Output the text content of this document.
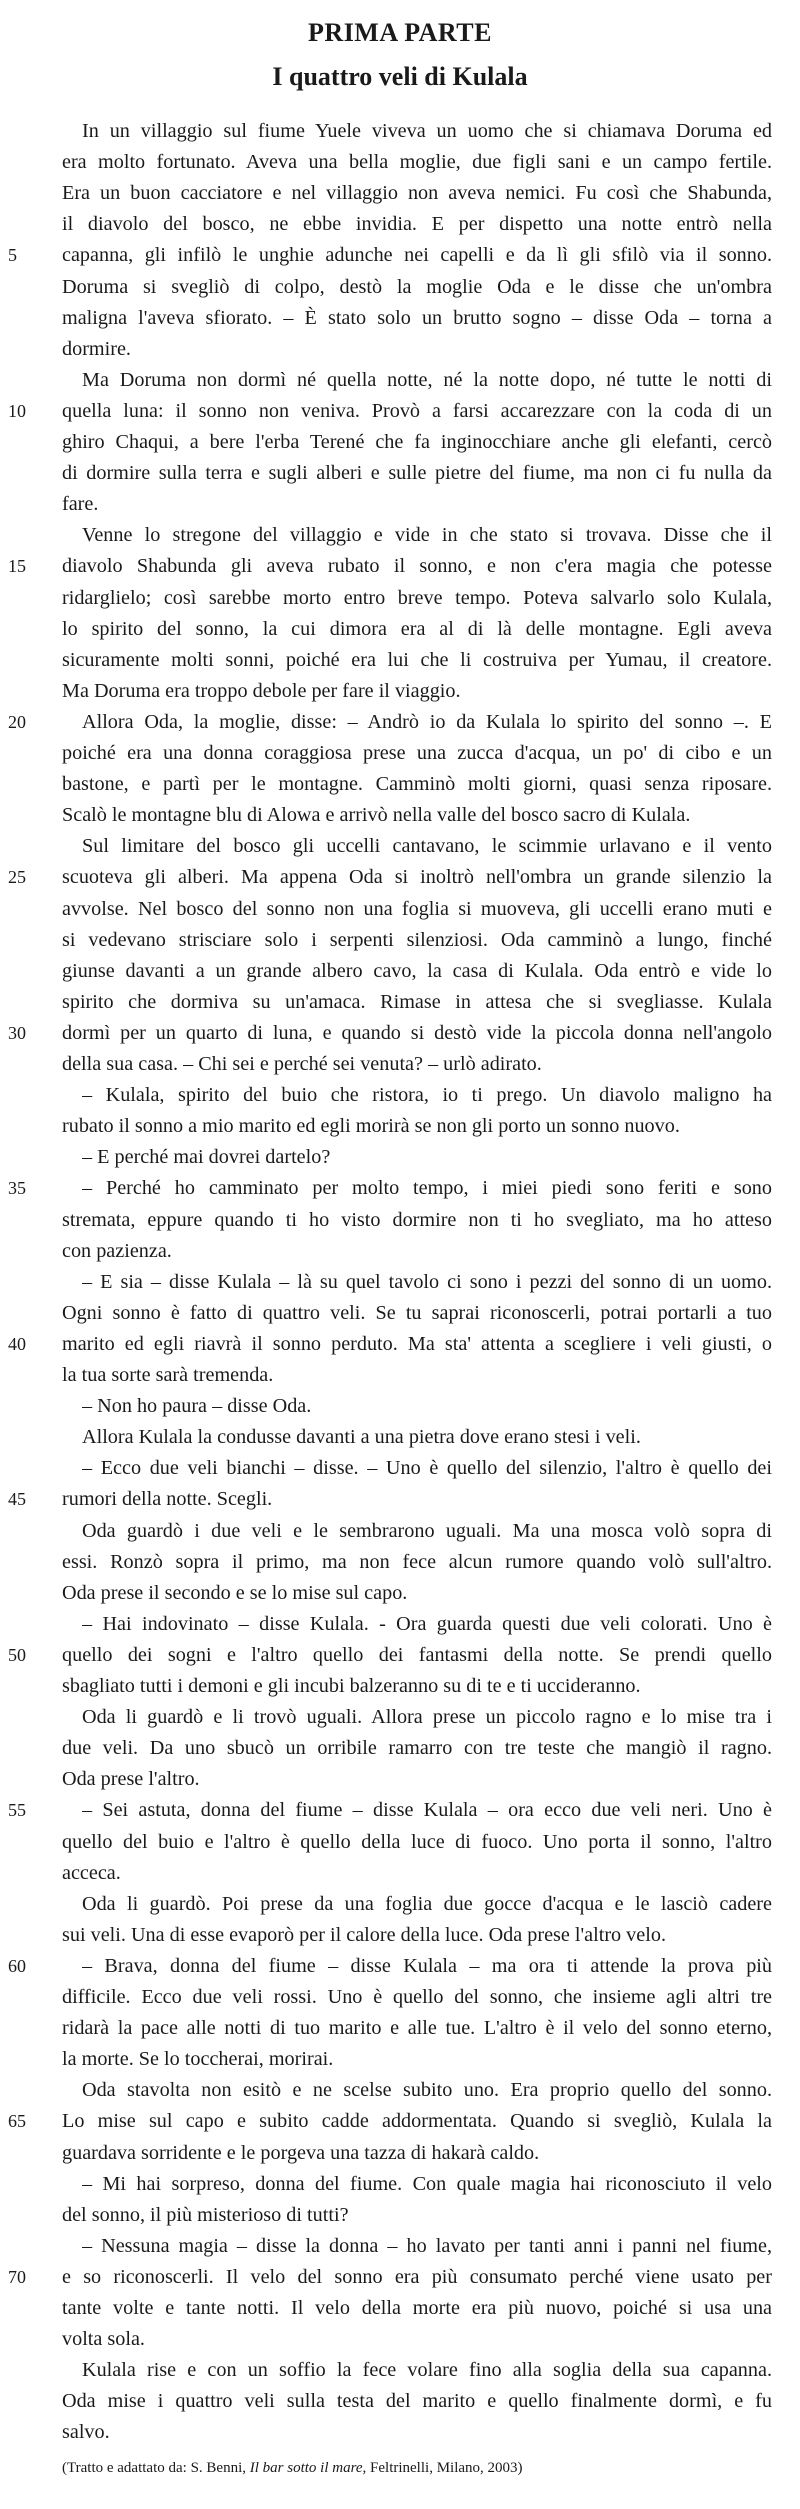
PRIMA PARTE
I quattro veli di Kulala
In un villaggio sul fiume Yuele viveva un uomo che si chiamava Doruma ed
era molto fortunato. Aveva una bella moglie, due figli sani e un campo fertile.
Era un buon cacciatore e nel villaggio non aveva nemici. Fu così che Shabunda,
il diavolo del bosco, ne ebbe invidia. E per dispetto una notte entrò nella
capanna, gli infilò le unghie adunche nei capelli e da lì gli sfilò via il sonno.
Doruma si svegliò di colpo, destò la moglie Oda e le disse che un'ombra
maligna l'aveva sfiorato. – È stato solo un brutto sogno – disse Oda – torna a
dormire.
Ma Doruma non dormì né quella notte, né la notte dopo, né tutte le notti di
quella luna: il sonno non veniva. Provò a farsi accarezzare con la coda di un
ghiro Chaqui, a bere l'erba Terené che fa inginocchiare anche gli elefanti, cercò
di dormire sulla terra e sugli alberi e sulle pietre del fiume, ma non ci fu nulla da
fare.
Venne lo stregone del villaggio e vide in che stato si trovava. Disse che il
diavolo Shabunda gli aveva rubato il sonno, e non c'era magia che potesse
ridarglielo; così sarebbe morto entro breve tempo. Poteva salvarlo solo Kulala,
lo spirito del sonno, la cui dimora era al di là delle montagne. Egli aveva
sicuramente molti sonni, poiché era lui che li costruiva per Yumau, il creatore.
Ma Doruma era troppo debole per fare il viaggio.
Allora Oda, la moglie, disse: – Andrò io da Kulala lo spirito del sonno –. E
poiché era una donna coraggiosa prese una zucca d'acqua, un po' di cibo e un
bastone, e partì per le montagne. Camminò molti giorni, quasi senza riposare.
Scalò le montagne blu di Alowa e arrivò nella valle del bosco sacro di Kulala.
Sul limitare del bosco gli uccelli cantavano, le scimmie urlavano e il vento
scuoteva gli alberi. Ma appena Oda si inoltrò nell'ombra un grande silenzio la
avvolse. Nel bosco del sonno non una foglia si muoveva, gli uccelli erano muti e
si vedevano strisciare solo i serpenti silenziosi. Oda camminò a lungo, finché
giunse davanti a un grande albero cavo, la casa di Kulala. Oda entrò e vide lo
spirito che dormiva su un'amaca. Rimase in attesa che si svegliasse. Kulala
dormì per un quarto di luna, e quando si destò vide la piccola donna nell'angolo
della sua casa. – Chi sei e perché sei venuta? – urlò adirato.
– Kulala, spirito del buio che ristora, io ti prego. Un diavolo maligno ha
rubato il sonno a mio marito ed egli morirà se non gli porto un sonno nuovo.
– E perché mai dovrei dartelo?
– Perché ho camminato per molto tempo, i miei piedi sono feriti e sono
stremata, eppure quando ti ho visto dormire non ti ho svegliato, ma ho atteso
con pazienza.
– E sia – disse Kulala – là su quel tavolo ci sono i pezzi del sonno di un uomo.
Ogni sonno è fatto di quattro veli. Se tu saprai riconoscerli, potrai portarli a tuo
marito ed egli riavrà il sonno perduto. Ma sta' attenta a scegliere i veli giusti, o
la tua sorte sarà tremenda.
– Non ho paura – disse Oda.
Allora Kulala la condusse davanti a una pietra dove erano stesi i veli.
– Ecco due veli bianchi – disse. – Uno è quello del silenzio, l'altro è quello dei
rumori della notte. Scegli.
Oda guardò i due veli e le sembrarono uguali. Ma una mosca volò sopra di
essi. Ronzò sopra il primo, ma non fece alcun rumore quando volò sull'altro.
Oda prese il secondo e se lo mise sul capo.
– Hai indovinato – disse Kulala. - Ora guarda questi due veli colorati. Uno è
quello dei sogni e l'altro quello dei fantasmi della notte. Se prendi quello
sbagliato tutti i demoni e gli incubi balzeranno su di te e ti uccideranno.
Oda li guardò e li trovò uguali. Allora prese un piccolo ragno e lo mise tra i
due veli. Da uno sbucò un orribile ramarro con tre teste che mangiò il ragno.
Oda prese l'altro.
– Sei astuta, donna del fiume – disse Kulala – ora ecco due veli neri. Uno è
quello del buio e l'altro è quello della luce di fuoco. Uno porta il sonno, l'altro
acceca.
Oda li guardò. Poi prese da una foglia due gocce d'acqua e le lasciò cadere
sui veli. Una di esse evaporò per il calore della luce. Oda prese l'altro velo.
– Brava, donna del fiume – disse Kulala – ma ora ti attende la prova più
difficile. Ecco due veli rossi. Uno è quello del sonno, che insieme agli altri tre
ridarà la pace alle notti di tuo marito e alle tue. L'altro è il velo del sonno eterno,
la morte. Se lo toccherai, morirai.
Oda stavolta non esitò e ne scelse subito uno. Era proprio quello del sonno.
Lo mise sul capo e subito cadde addormentata. Quando si svegliò, Kulala la
guardava sorridente e le porgeva una tazza di hakarà caldo.
– Mi hai sorpreso, donna del fiume. Con quale magia hai riconosciuto il velo
del sonno, il più misterioso di tutti?
– Nessuna magia – disse la donna – ho lavato per tanti anni i panni nel fiume,
e so riconoscerli. Il velo del sonno era più consumato perché viene usato per
tante volte e tante notti. Il velo della morte era più nuovo, poiché si usa una
volta sola.
Kulala rise e con un soffio la fece volare fino alla soglia della sua capanna.
Oda mise i quattro veli sulla testa del marito e quello finalmente dormì, e fu
salvo.
5
10
15
20
25
30
35
40
45
50
55
60
65
70
(Tratto e adattato da: S. Benni, Il bar sotto il mare, Feltrinelli, Milano, 2003)
